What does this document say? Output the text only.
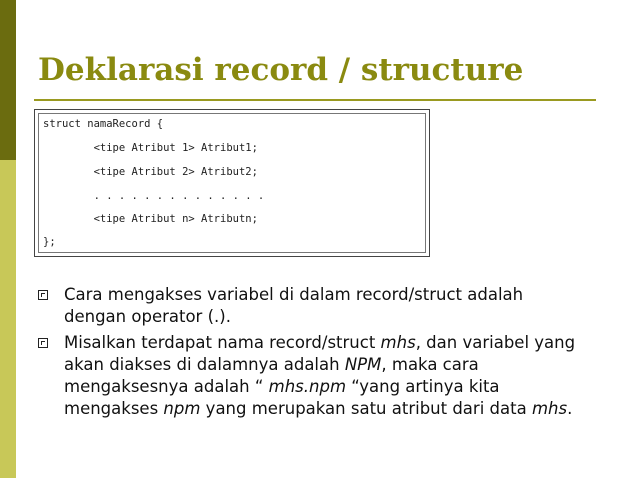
Deklarasi record / structure
struct namaRecord {
<tipe Atribut 1> Atribut1;
<tipe Atribut 2> Atribut2;
. . . . . . . . . . . . . .
<tipe Atribut n> Atributn;
};
Cara mengakses variabel di dalam record/struct adalah dengan operator (.).
Misalkan terdapat nama record/struct mhs, dan variabel yang akan diakses di dalamnya adalah NPM, maka cara mengaksesnya adalah “ mhs.npm “yang artinya kita mengakses npm yang merupakan satu atribut dari data mhs.
